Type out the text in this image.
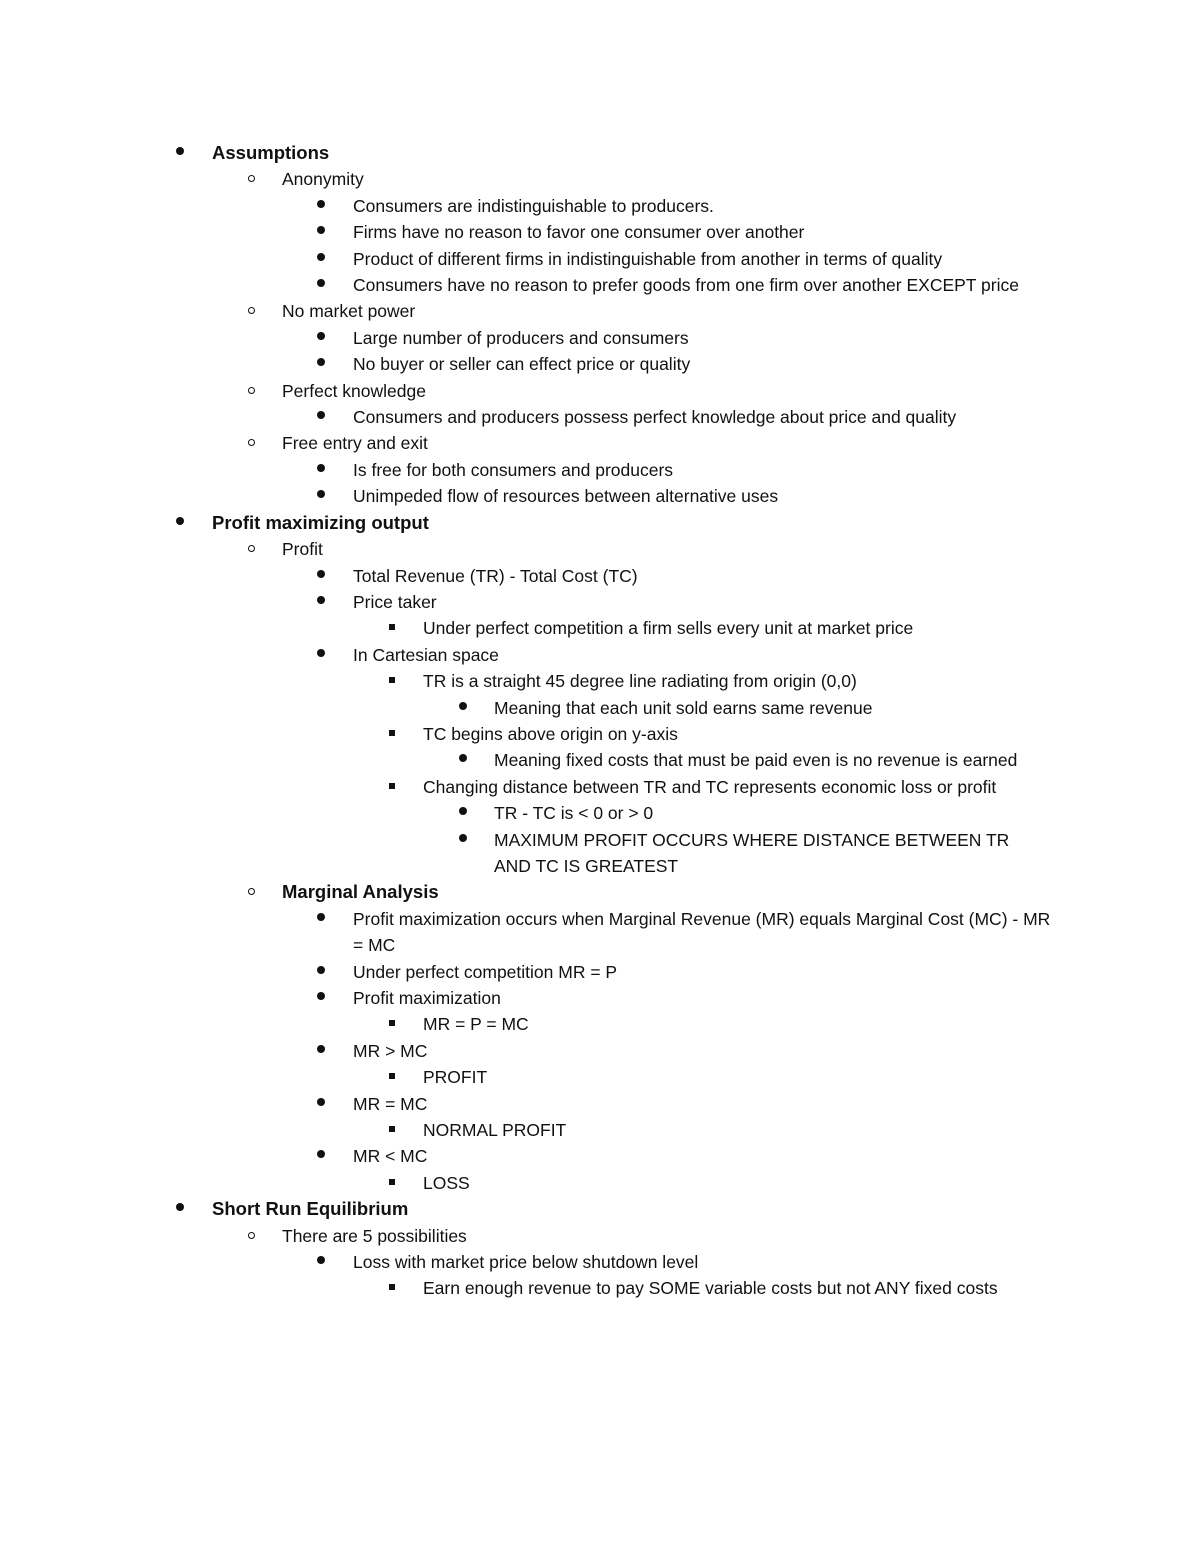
Assumptions
Anonymity
Consumers are indistinguishable to producers.
Firms have no reason to favor one consumer over another
Product of different firms in indistinguishable from another in terms of quality
Consumers have no reason to prefer goods from one firm over another EXCEPT price
No market power
Large number of producers and consumers
No buyer or seller can effect price or quality
Perfect knowledge
Consumers and producers possess perfect knowledge about price and quality
Free entry and exit
Is free for both consumers and producers
Unimpeded flow of resources between alternative uses
Profit maximizing output
Profit
Total Revenue (TR) - Total Cost (TC)
Price taker
Under perfect competition a firm sells every unit at market price
In Cartesian space
TR is a straight 45 degree line radiating from origin (0,0)
Meaning that each unit sold earns same revenue
TC begins above origin on y-axis
Meaning fixed costs that must be paid even is no revenue is earned
Changing distance between TR and TC represents economic loss or profit
TR - TC is < 0 or > 0
MAXIMUM PROFIT OCCURS WHERE DISTANCE BETWEEN TR AND TC IS GREATEST
Marginal Analysis
Profit maximization occurs when Marginal Revenue (MR) equals Marginal Cost (MC) - MR = MC
Under perfect competition MR = P
Profit maximization
MR = P = MC
MR > MC
PROFIT
MR = MC
NORMAL PROFIT
MR < MC
LOSS
Short Run Equilibrium
There are 5 possibilities
Loss with market price below shutdown level
Earn enough revenue to pay SOME variable costs but not ANY fixed costs
